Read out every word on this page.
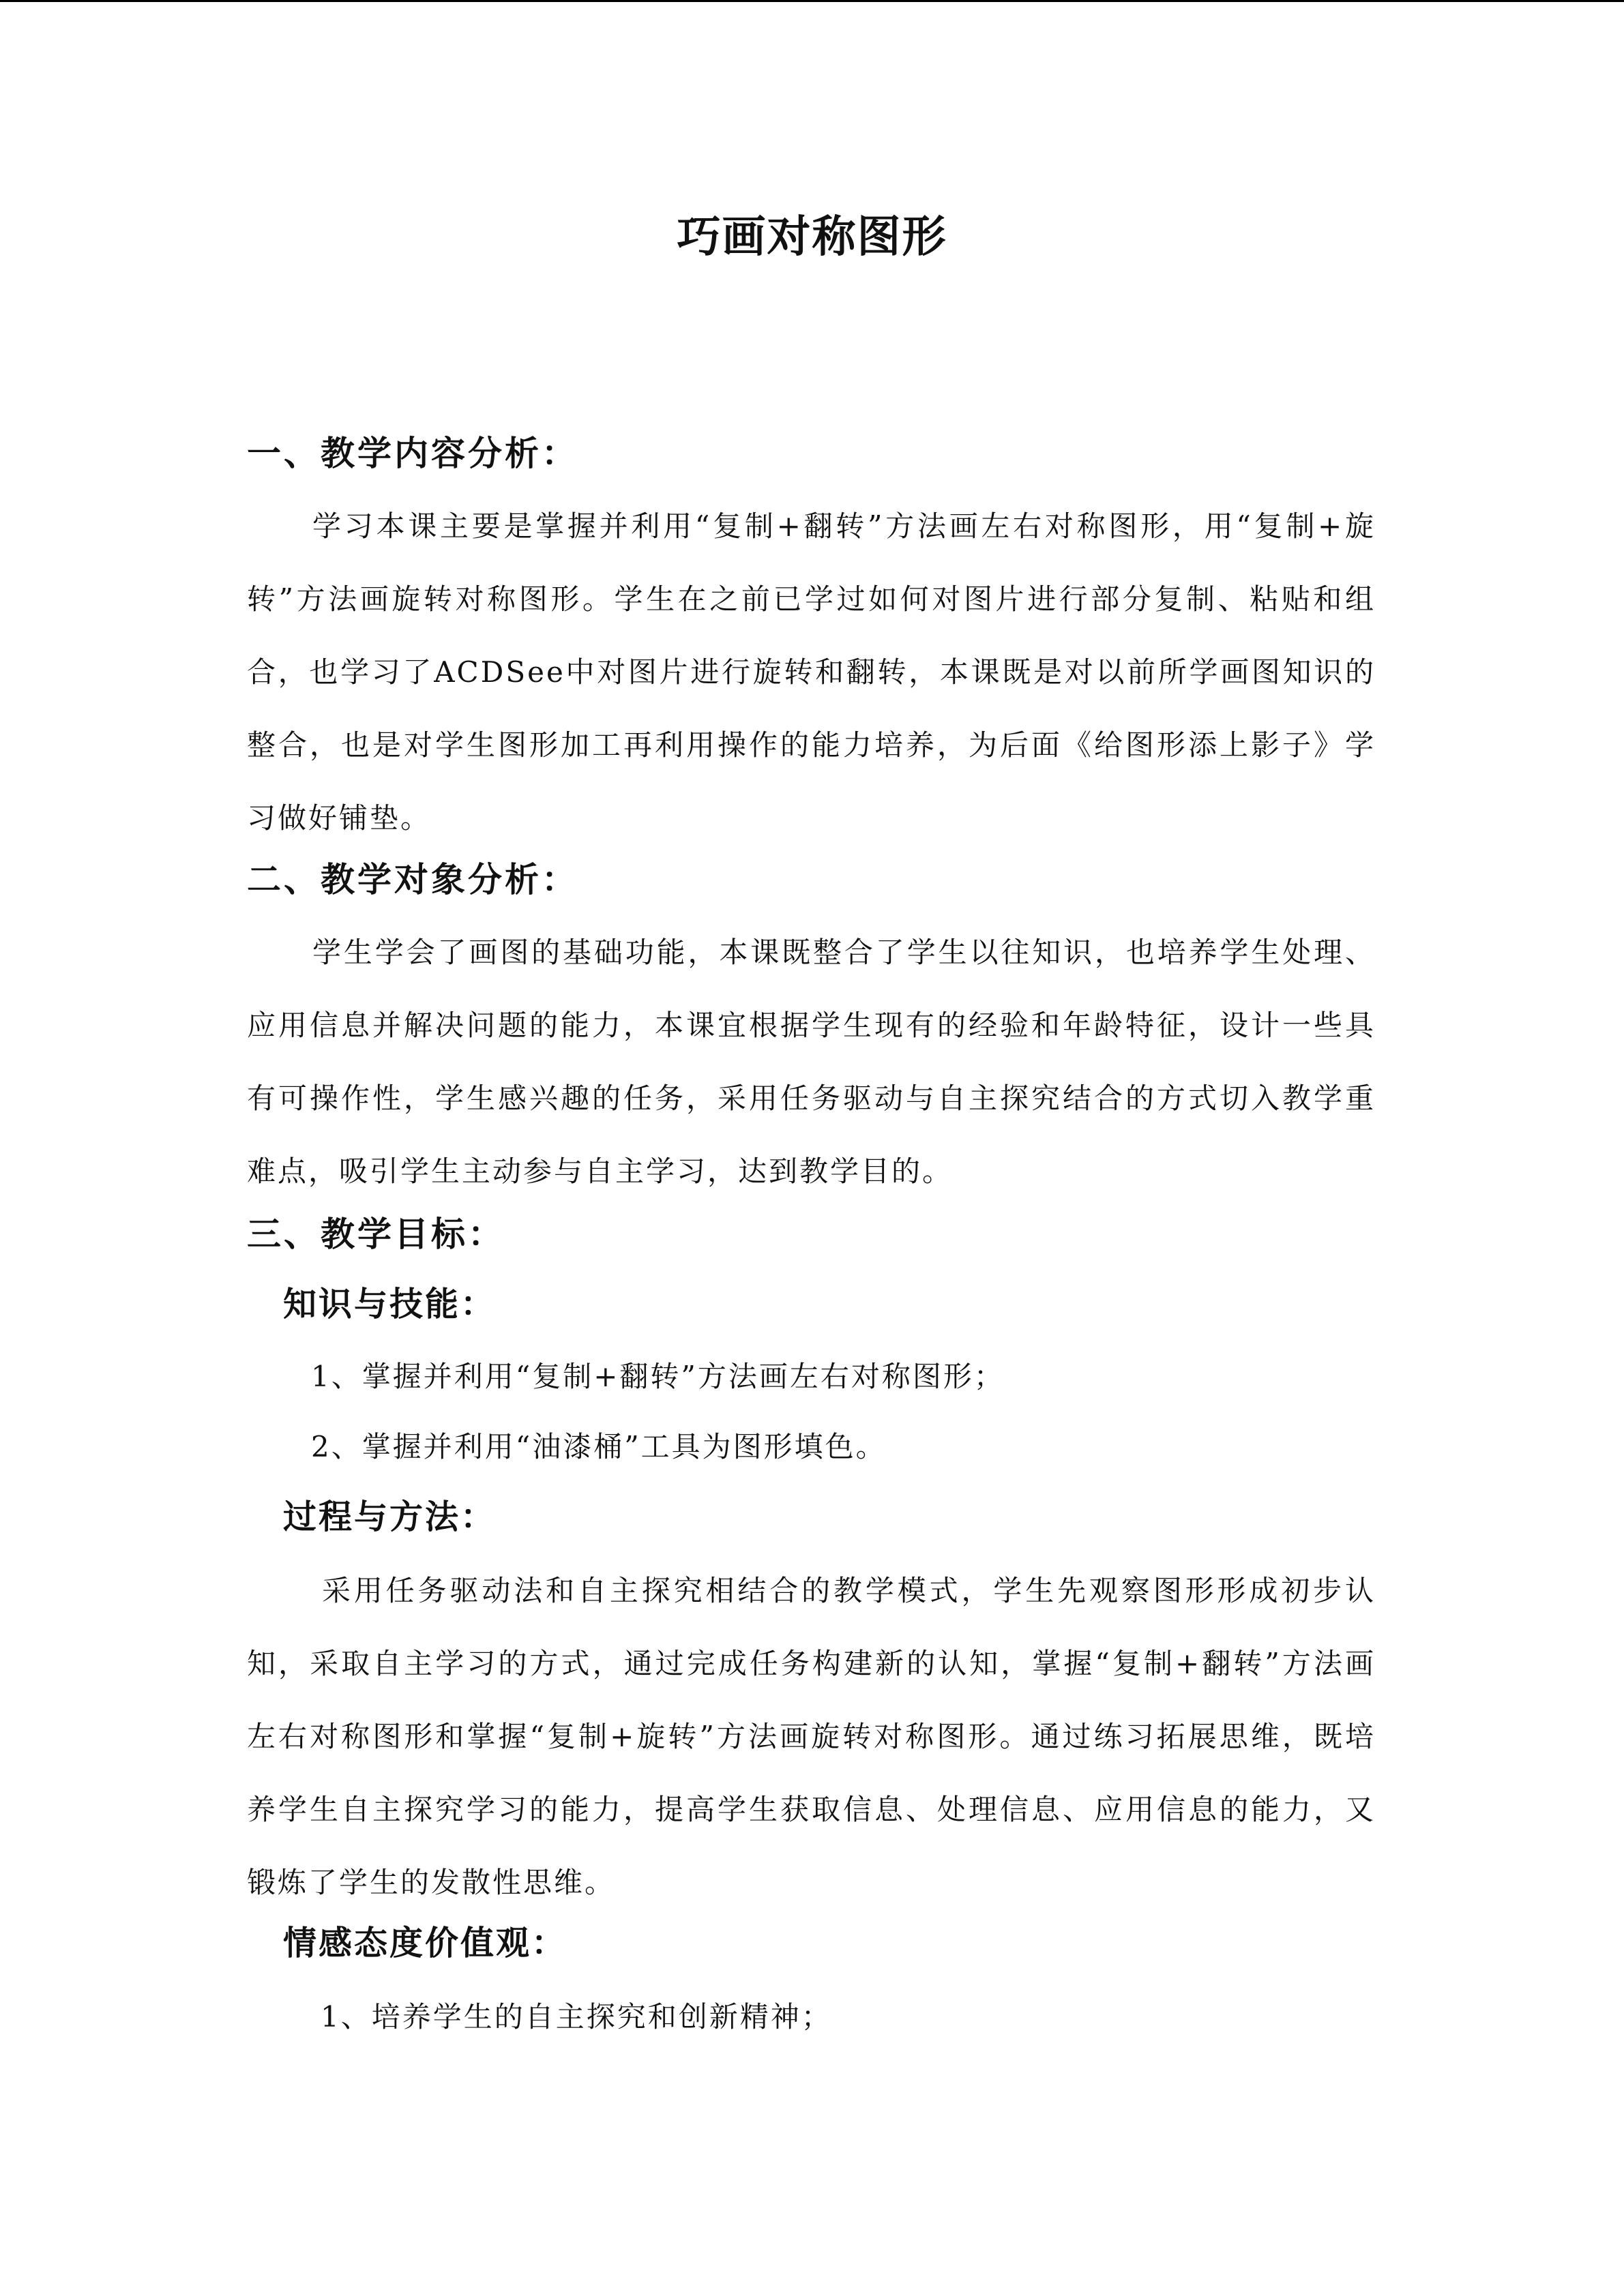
巧画对称图形
一、教学内容分析：
学习本课主要是掌握并利用“复制+翻转”方法画左右对称图形，用“复制+旋转”方法画旋转对称图形。学生在之前已学过如何对图片进行部分复制、粘贴和组合，也学习了ACDSee中对图片进行旋转和翻转，本课既是对以前所学画图知识的整合，也是对学生图形加工再利用操作的能力培养，为后面《给图形添上影子》学习做好铺垫。
二、教学对象分析：
学生学会了画图的基础功能，本课既整合了学生以往知识，也培养学生处理、应用信息并解决问题的能力，本课宜根据学生现有的经验和年龄特征，设计一些具有可操作性，学生感兴趣的任务，采用任务驱动与自主探究结合的方式切入教学重难点，吸引学生主动参与自主学习，达到教学目的。
三、教学目标：
知识与技能：
1、掌握并利用“复制+翻转”方法画左右对称图形；
2、掌握并利用“油漆桶”工具为图形填色。
过程与方法：
采用任务驱动法和自主探究相结合的教学模式，学生先观察图形形成初步认知，采取自主学习的方式，通过完成任务构建新的认知，掌握“复制+翻转”方法画左右对称图形和掌握“复制+旋转”方法画旋转对称图形。通过练习拓展思维，既培养学生自主探究学习的能力，提高学生获取信息、处理信息、应用信息的能力，又锻炼了学生的发散性思维。
情感态度价值观：
1、培养学生的自主探究和创新精神；
